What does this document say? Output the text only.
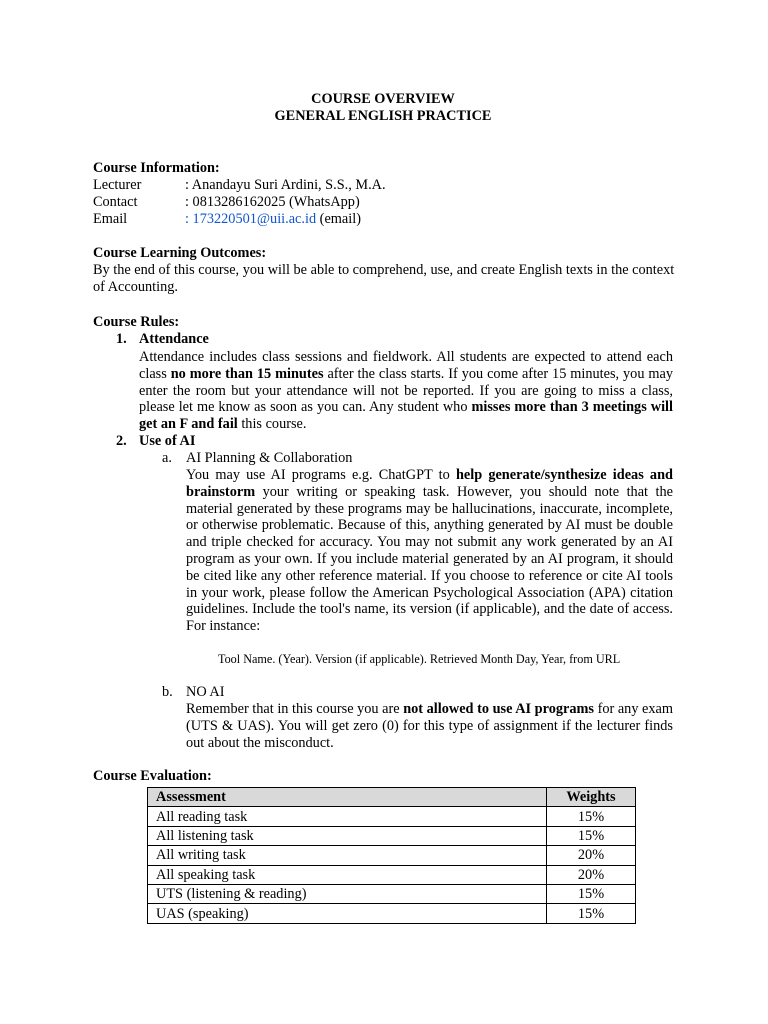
COURSE OVERVIEW
GENERAL ENGLISH PRACTICE
Course Information:
Lecturer	: Anandayu Suri Ardini, S.S., M.A.
Contact	: 0813286162025 (WhatsApp)
Email	: 173220501@uii.ac.id (email)
Course Learning Outcomes:
By the end of this course, you will be able to comprehend, use, and create English texts in the context of Accounting.
Course Rules:
1. Attendance
Attendance includes class sessions and fieldwork. All students are expected to attend each class no more than 15 minutes after the class starts. If you come after 15 minutes, you may enter the room but your attendance will not be reported. If you are going to miss a class, please let me know as soon as you can. Any student who misses more than 3 meetings will get an F and fail this course.
2. Use of AI
a. AI Planning & Collaboration
You may use AI programs e.g. ChatGPT to help generate/synthesize ideas and brainstorm your writing or speaking task. However, you should note that the material generated by these programs may be hallucinations, inaccurate, incomplete, or otherwise problematic. Because of this, anything generated by AI must be double and triple checked for accuracy. You may not submit any work generated by an AI program as your own. If you include material generated by an AI program, it should be cited like any other reference material. If you choose to reference or cite AI tools in your work, please follow the American Psychological Association (APA) citation guidelines. Include the tool's name, its version (if applicable), and the date of access. For instance:
Tool Name. (Year). Version (if applicable). Retrieved Month Day, Year, from URL
b. NO AI
Remember that in this course you are not allowed to use AI programs for any exam (UTS & UAS). You will get zero (0) for this type of assignment if the lecturer finds out about the misconduct.
Course Evaluation:
Assessment	Weights
All reading task	15%
All listening task	15%
All writing task	20%
All speaking task	20%
UTS (listening & reading)	15%
UAS (speaking)	15%
